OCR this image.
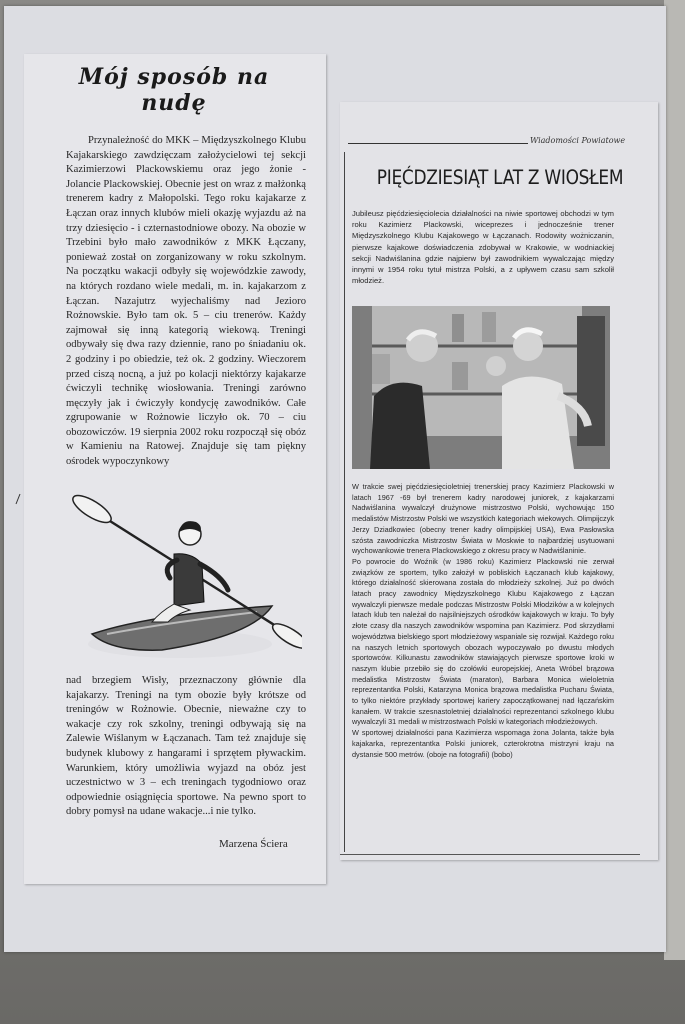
Mój sposób na nudę

Przynależność do MKK – Międzyszkolnego Klubu Kajakarskiego zawdzięczam założycielowi tej sekcji Kazimierzowi Plackowskiemu oraz jego żonie - Jolancie Plackowskiej. Obecnie jest on wraz z małżonką trenerem kadry z Małopolski. Tego roku kajakarze z Łączan oraz innych klubów mieli okazję wyjazdu aż na trzy dziesięcio - i czternastodniowe obozy. Na obozie w Trzebini było mało zawodników z MKK Łączany, ponieważ został on zorganizowany w roku szkolnym. Na początku wakacji odbyły się wojewódzkie zawody, na których rozdano wiele medali, m. in. kajakarzom z Łączan. Nazajutrz wyjechaliśmy nad Jezioro Rożnowskie. Było tam ok. 5 – ciu trenerów. Każdy zajmował się inną kategorią wiekową. Treningi odbywały się dwa razy dziennie, rano po śniadaniu ok. 2 godziny i po obiedzie, też ok. 2 godziny. Wieczorem przed ciszą nocną, a już po kolacji niektórzy kajakarze ćwiczyli technikę wiosłowania. Treningi zarówno męczyły jak i ćwiczyły kondycję zawodników. Całe zgrupowanie w Rożnowie liczyło ok. 70 – ciu obozowiczów. 19 sierpnia 2002 roku rozpoczął się obóz w Kamieniu na Ratowej. Znajduje się tam piękny ośrodek wypoczynkowy

nad brzegiem Wisły, przeznaczony głównie dla kajakarzy. Treningi na tym obozie były krótsze od treningów w Rożnowie. Obecnie, nieważne czy to wakacje czy rok szkolny, treningi odbywają się na Zalewie Wiślanym w Łączanach. Tam też znajduje się budynek klubowy z hangarami i sprzętem pływackim. Warunkiem, który umożliwia wyjazd na obóz jest uczestnictwo w 3 – ech treningach tygodniowo oraz odpowiednie osiągnięcia sportowe. Na pewno sport to dobry pomysł na udane wakacje...i nie tylko.

Marzena Ściera
Wiadomości Powiatowe
PIĘĆDZIESIĄT LAT Z WIOSŁEM

Jubileusz pięćdziesięciolecia działalności na niwie sportowej obchodzi w tym roku Kazimierz Plackowski, wiceprezes i jednocześnie trener Międzyszkolnego Klubu Kajakowego w Łączanach. Rodowity wożniczanin, pierwsze kajakowe doświadczenia zdobywał w Krakowie, w wodniackiej sekcji Nadwiślanina gdzie najpierw był zawodnikiem wywalczając między innymi w 1954 roku tytuł mistrza Polski, a z upływem czasu sam szkolił młodzież.

W trakcie swej pięćdziesięcioletniej trenerskiej pracy Kazimierz Plackowski w latach 1967 -69 był trenerem kadry narodowej juniorek, z kajakarzami Nadwiślanina wywalczył drużynowe mistrzostwo Polski, wychowując 150 medalistów Mistrzostw Polski we wszystkich kategoriach wiekowych. Olimpijczyk Jerzy Dziadkowiec (obecny trener kadry olimpijskiej USA), Ewa Pasłowska szósta zawodniczka Mistrzostw Świata w Moskwie to najbardziej usytuowani wychowankowie trenera Plackowskiego z okresu pracy w Nadwiślaninie.

Po powrocie do Woźnik (w 1986 roku) Kazimierz Plackowski nie zerwał związków ze sportem, tylko założył w pobliskich Łączanach klub kajakowy, którego działalność skierowana została do młodzieży szkolnej. Już po dwóch latach pracy zawodnicy Międzyszkolnego Klubu Kajakowego z Łączan wywalczyli pierwsze medale podczas Mistrzostw Polski Młodzików a w kolejnych latach klub ten należał do najsilniejszych ośrodków kajakowych w kraju. To były złote czasy dla naszych zawodników wspomina pan Kazimierz. Pod skrzydłami województwa bielskiego sport młodzieżowy wspaniale się rozwijał. Każdego roku na naszych letnich sportowych obozach wypoczywało po dwustu młodych sportowców. Kilkunastu zawodników stawiających pierwsze sportowe kroki w naszym klubie przebiło się do czołówki europejskiej, Aneta Wróbel brązowa medalistka Mistrzostw Świata (maraton), Barbara Monica wieloletnia reprezentantka Polski, Katarzyna Monica brązowa medalistka Pucharu Świata, to tylko niektóre przykłady sportowej kariery zapoczątkowanej nad łączańskim kanałem. W trakcie szesnastoletniej działalności reprezentanci szkolnego klubu wywalczyli 31 medali w mistrzostwach Polski w kategoriach młodzieżowych.

W sportowej działalności pana Kazimierza wspomaga żona Jolanta, także była kajakarka, reprezentantka Polski juniorek, czterokrotna mistrzyni kraju na dystansie 500 metrów. (oboje na fotografii) (bobo)
